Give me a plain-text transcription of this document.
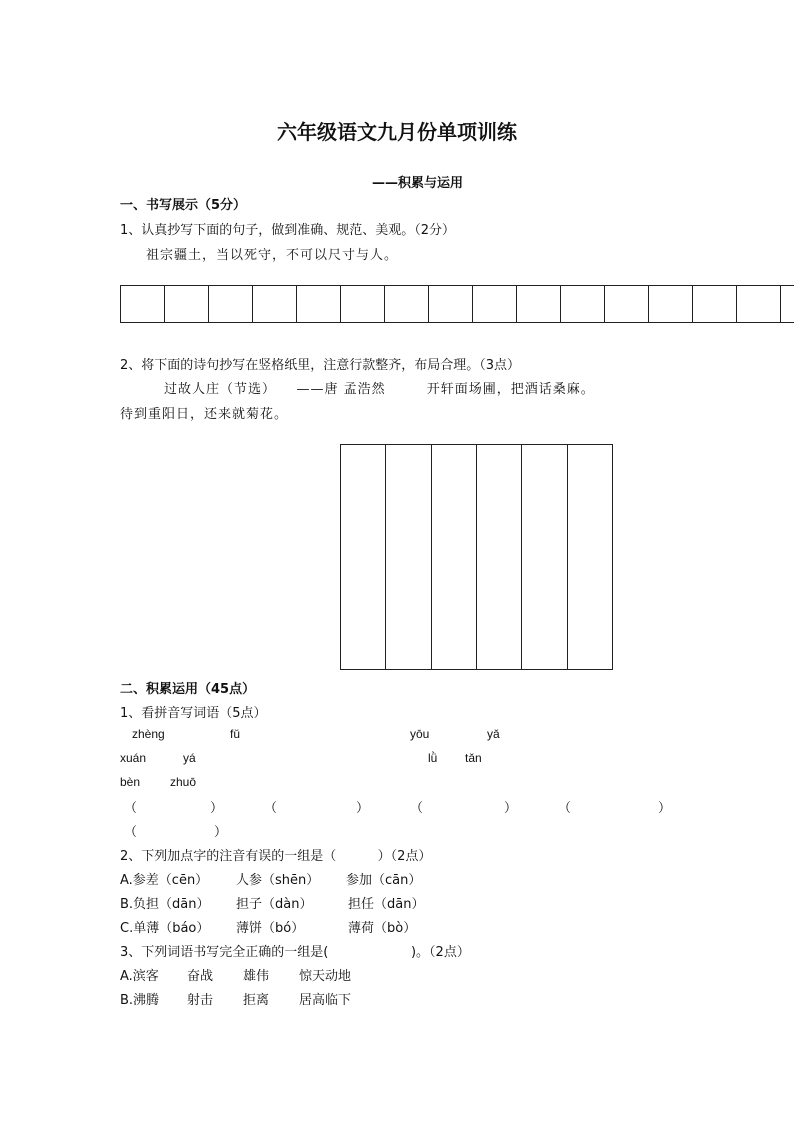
六年级语文九月份单项训练
——积累与运用
一、书写展示（5分）
1、认真抄写下面的句子，做到准确、规范、美观。（2分）
祖宗疆土，当以死守，不可以尺寸与人。
2、将下面的诗句抄写在竖格纸里，注意行款整齐，布局合理。（3点）
过故人庄（节选）    ——唐 孟浩然        开轩面场圃，把酒话桑麻。
待到重阳日，还来就菊花。
二、积累运用（45点）
1、看拼音写词语（5点）
zhèng	fǔ	yōu	yǎ
xuán	yá	lǜ tǎn
bèn zhuō
（	）	（	）	（	）	（	）
（	）
2、下列加点字的注音有误的一组是（          ）（2点）
A.参差（cēn） 人参（shēn） 参加（cān）
B.负担（dān） 担子（dàn）	担任（dān）
C.单薄（báo） 薄饼（bó）	薄荷（bò）
3、下列词语书写完全正确的一组是(                    )。（2点）
A.滨客 奋战 雄伟 惊天动地
B.沸腾 射击 拒离 居高临下
